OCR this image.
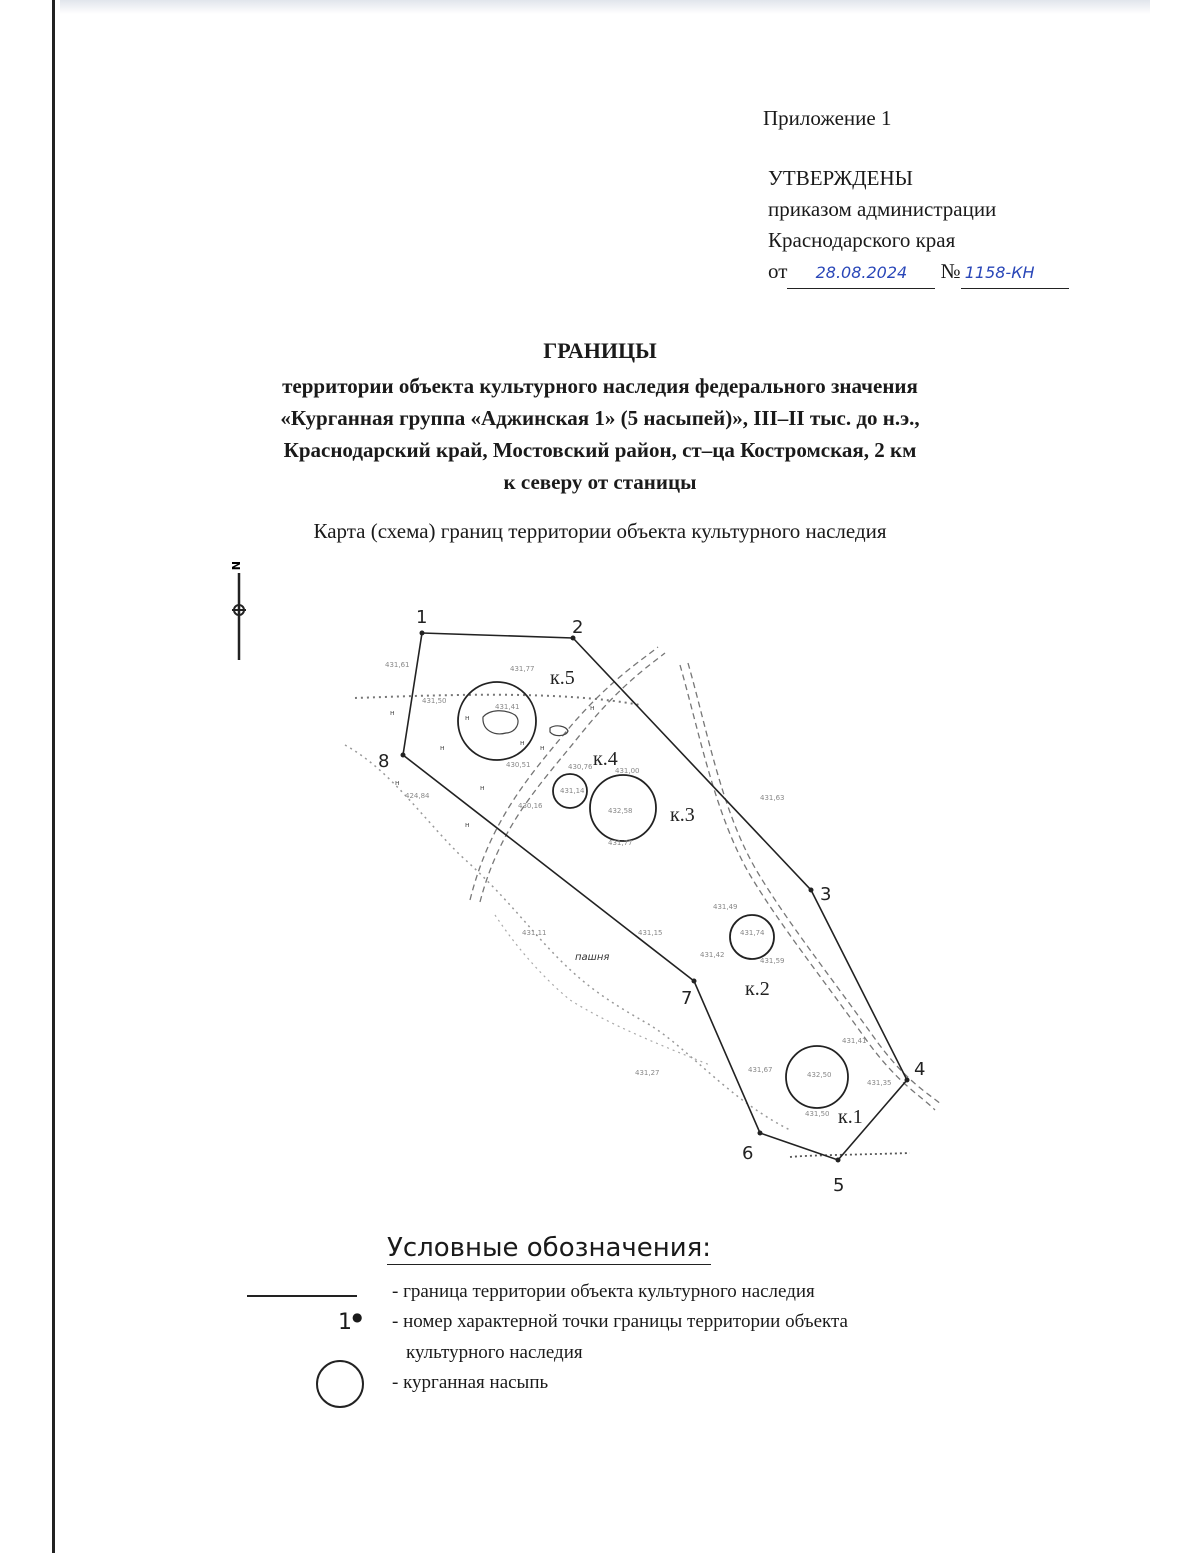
Приложение 1
УТВЕРЖДЕНЫ
приказом администрации
Краснодарского края
от 28.08.2024 № 1158-КН
ГРАНИЦЫ
территории объекта культурного наследия федерального значения
«Курганная группа «Аджинская 1» (5 насыпей)», III–II тыс. до н.э.,
Краснодарский край, Мостовский район, ст–ца Костромская, 2 км
к северу от станицы
Карта (схема) границ территории объекта культурного наследия
N
1	2
3
4
5
6
7
8
к.5
к.4
к.3
к.2
к.1
пашня
431,61	431,77
431,50
431,41
430,51	430,76
431,14
431,00
430,16
432,58
431,77
424,84	431,63
431,49
431,74
431,42
431,59
431,11	431,15
431,41
431,67
432,50
431,35
431,50
431,27
н
н
н
н
н
н
н
н
н
Условные обозначения:
- граница территории объекта культурного наследия
1● - номер характерной точки границы территории объекта
культурного наследия
- курганная насыпь
